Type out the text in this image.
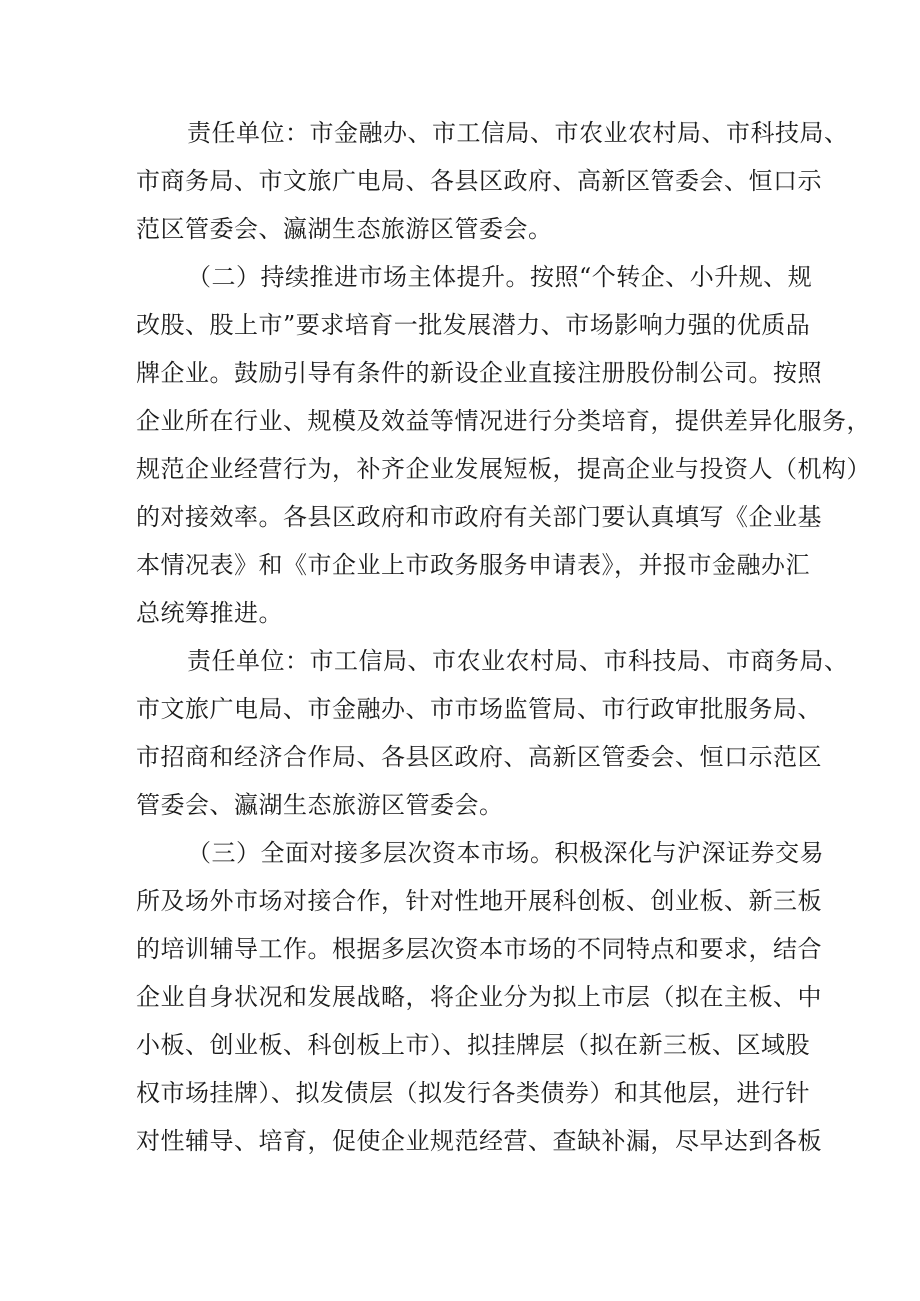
责任单位：市金融办、市工信局、市农业农村局、市科技局、
市商务局、市文旅广电局、各县区政府、高新区管委会、恒口示
范区管委会、瀛湖生态旅游区管委会。
（二）持续推进市场主体提升。按照“个转企、小升规、规
改股、股上市”要求培育一批发展潜力、市场影响力强的优质品
牌企业。鼓励引导有条件的新设企业直接注册股份制公司。按照
企业所在行业、规模及效益等情况进行分类培育，提供差异化服务，
规范企业经营行为，补齐企业发展短板，提高企业与投资人（机构）
的对接效率。各县区政府和市政府有关部门要认真填写《企业基
本情况表》和《市企业上市政务服务申请表》，并报市金融办汇
总统筹推进。
责任单位：市工信局、市农业农村局、市科技局、市商务局、
市文旅广电局、市金融办、市市场监管局、市行政审批服务局、
市招商和经济合作局、各县区政府、高新区管委会、恒口示范区
管委会、瀛湖生态旅游区管委会。
（三）全面对接多层次资本市场。积极深化与沪深证券交易
所及场外市场对接合作，针对性地开展科创板、创业板、新三板
的培训辅导工作。根据多层次资本市场的不同特点和要求，结合
企业自身状况和发展战略，将企业分为拟上市层（拟在主板、中
小板、创业板、科创板上市）、拟挂牌层（拟在新三板、区域股
权市场挂牌）、拟发债层（拟发行各类债券）和其他层，进行针
对性辅导、培育，促使企业规范经营、查缺补漏，尽早达到各板
